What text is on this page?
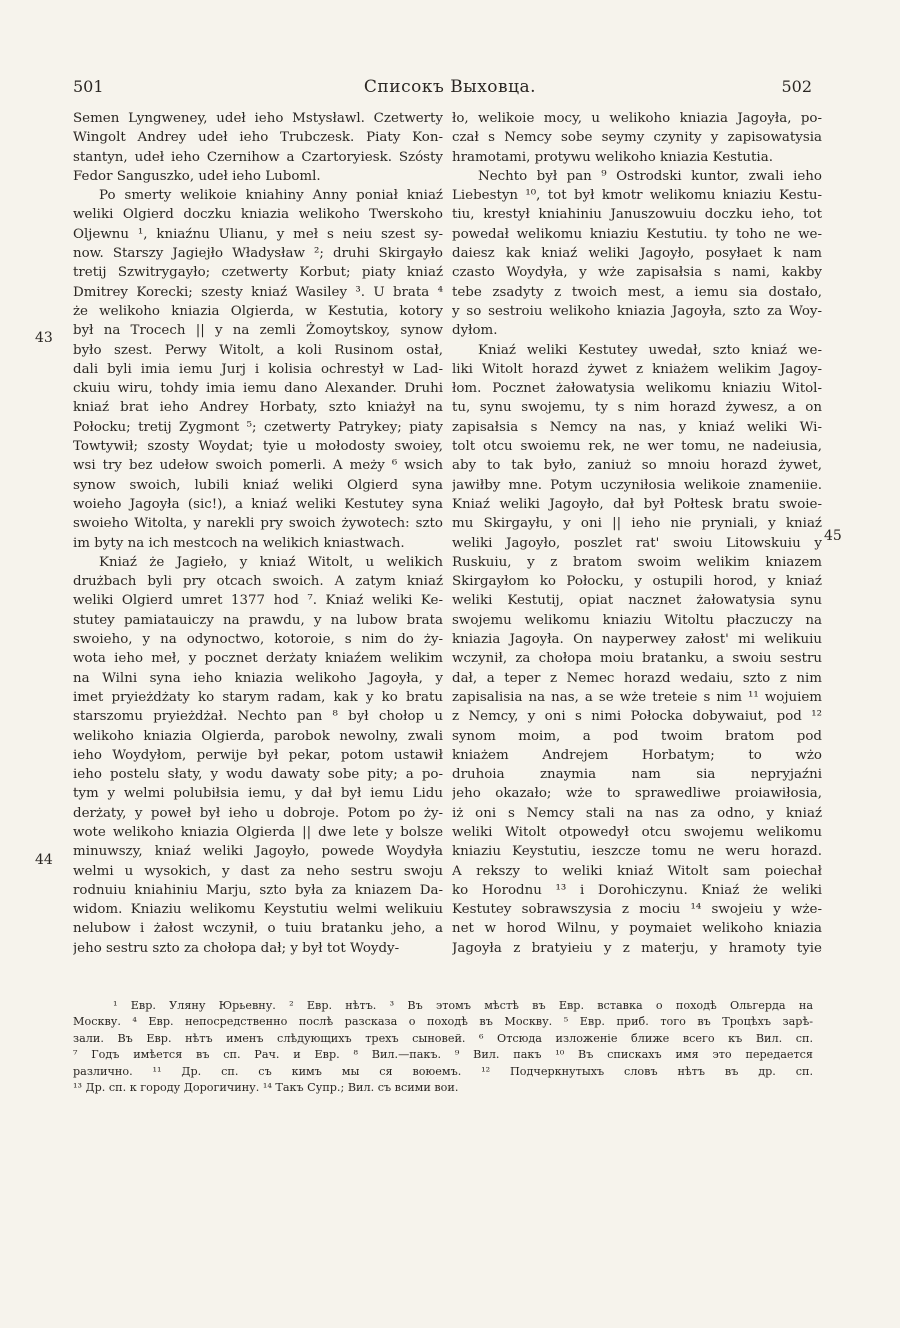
501	Списокъ Выховца.	502
43
44
45
Semen Lyngweney, udeł ieho Mstysławl. Czetwerty
Wingolt Andrey udeł ieho Trubczesk. Piaty Kon-
stantyn, udeł ieho Czernihow a Czartoryiesk. Szósty
Fedor Sanguszko, udeł ieho Luboml.
Po smerty welikoie kniahiny Anny poniał kniaź
weliki Olgierd doczku kniazia welikoho Twerskoho
Oljewnu ¹, kniaźnu Ulianu, y meł s neiu szest sy-
now. Starszy Jagiejło Władysław ²; druhi Skirgayło
tretij Szwitrygayło; czetwerty Korbut; piaty kniaź
Dmitrey Korecki; szesty kniaź Wasiley ³. U brata ⁴
że welikoho kniazia Olgierda, w Kestutia, kotory
był na Trocech || y na zemli Żomoytskoy, synow
było szest. Perwy Witolt, a koli Rusinom ostał,
dali byli imia iemu Jurj i kolisia ochrestył w Lad-
ckuiu wiru, tohdy imia iemu dano Alexander. Druhi
kniaź brat ieho Andrey Horbaty, szto kniażył na
Połocku; tretij Zygmont ⁵; czetwerty Patrykey; piaty
Towtywił; szosty Woydat; tyie u mołodosty swoiey,
wsi try bez udełow swoich pomerli. A meży ⁶ wsich
synow swoich, lubili kniaź weliki Olgierd syna
woieho Jagoyła (sic!), a kniaź weliki Kestutey syna
swoieho Witolta, y narekli pry swoich żywotech: szto
im byty na ich mestcoch na welikich kniastwach.
Kniaź że Jagieło, y kniaź Witolt, u welikich
drużbach byli pry otcach swoich. A zatym kniaź
weliki Olgierd umret 1377 hod ⁷. Kniaź weliki Ke-
stutey pamiatauiczy na prawdu, y na lubow brata
swoieho, y na odynoctwo, kotoroie, s nim do ży-
wota ieho meł, y pocznet derżaty kniaźem welikim
na Wilni syna ieho kniazia welikoho Jagoyła, y
imet pryieżdżaty ko starym radam, kak y ko bratu
starszomu pryieżdżał. Nechto pan ⁸ był chołop u
welikoho kniazia Olgierda, parobok newolny, zwali
ieho Woydyłom, perwije był pekar, potom ustawił
ieho postelu słaty, y wodu dawaty sobe pity; a po-
tym y welmi polubiłsia iemu, y dał był iemu Lidu
derżaty, y poweł był ieho u dobroje. Potom po ży-
wote welikoho kniazia Olgierda || dwe lete y bolsze
minuwszy, kniaź weliki Jagoyło, powede Woydyła
welmi u wysokich, y dast za neho sestru swoju
rodnuiu kniahiniu Marju, szto była za kniazem Da-
widom. Kniaziu welikomu Keystutiu welmi welikuiu
nelubow i żałost wczynił, o tuiu bratanku jeho, a
jeho sestru szto za chołopa dał; y był tot Woydy-
ło, welikoie mocy, u welikoho kniazia Jagoyła, po-
czał s Nemcy sobe seymy czynity y zapisowatysia
hramotami, protywu welikoho kniazia Kestutia.
Nechto był pan ⁹ Ostrodski kuntor, zwali ieho
Liebestyn ¹⁰, tot był kmotr welikomu kniaziu Kestu-
tiu, krestył kniahiniu Januszowuiu doczku ieho, tot
powedał welikomu kniaziu Kestutiu. ty toho ne we-
daiesz kak kniaź weliki Jagoyło, posyłaet k nam
czasto Woydyła, y wże zapisałsia s nami, kakby
tebe zsadyty z twoich mest, a iemu sia dostało,
y so sestroiu welikoho kniazia Jagoyła, szto za Woy-
dyłom.
Kniaź weliki Kestutey uwedał, szto kniaź we-
liki Witolt horazd żywet z kniażem welikim Jagoy-
łom. Pocznet żałowatysia welikomu kniaziu Witol-
tu, synu swojemu, ty s nim horazd żywesz, a on
zapisałsia s Nemcy na nas, y kniaź weliki Wi-
tolt otcu swoiemu rek, ne wer tomu, ne nadeiusia,
aby to tak było, zaniuż so mnoiu horazd żywet,
jawiłby mne. Potym uczyniłosia welikoie znameniie.
Kniaź weliki Jagoyło, dał był Połtesk bratu swoie-
mu Skirgayłu, y oni || ieho nie pryniali, y kniaź
weliki Jagoyło, poszlet rat' swoiu Litowskuiu y
Ruskuiu, y z bratom swoim welikim kniazem
Skirgayłom ko Połocku, y ostupili horod, y kniaź
weliki Kestutij, opiat nacznet żałowatysia synu
swojemu welikomu kniaziu Witoltu płaczuczy na
kniazia Jagoyła. On nayperwey załost' mi welikuiu
wczynił, za chołopa moiu bratanku, a swoiu sestru
dał, a teper z Nemec horazd wedaiu, szto z nim
zapisalisia na nas, a se wże treteie s nim ¹¹ wojuiem
z Nemcy, y oni s nimi Połocka dobywaiut, pod ¹²
synom moim, a pod twoim bratom pod
kniażem Andrejem Horbatym; to wżo
druhoia znaymia nam sia nepryjaźni
jeho okazało; wże to sprawedliwe proiawiłosia,
iż oni s Nemcy stali na nas za odno, y kniaź
weliki Witolt otpowedył otcu swojemu welikomu
kniaziu Keystutiu, ieszcze tomu ne weru horazd.
A rekszy to weliki kniaź Witolt sam poiechał
ko Horodnu ¹³ i Dorohiczynu. Kniaź że weliki
Kestutey sobrawszysia z mociu ¹⁴ swojeiu y wże-
net w horod Wilnu, y poymaiet welikoho kniazia
Jagoyła z bratyieiu y z materju, y hramoty tyie
¹ Евр. Уляну Юрьевну. ² Евр. нѣтъ. ³ Въ этомъ мѣстѣ въ Евр. вставка о походѣ Ольгерда на
Москву. ⁴ Евр. непосредственно послѣ разсказа о походѣ въ Москву. ⁵ Евр. приб. того въ Троцѣхъ зарѣ-
зали. Въ Евр. нѣтъ именъ слѣдующихъ трехъ сыновей. ⁶ Отсюда изложеніе ближе всего къ Вил. сп.
⁷ Годъ имѣется въ сп. Рач. и Евр. ⁸ Вил.—пакъ. ⁹ Вил. пакъ ¹⁰ Въ спискахъ имя это передается
различно. ¹¹ Др. сп. съ кимъ мы ся воюемъ. ¹² Подчеркнутыхъ словъ нѣтъ въ др. сп.
¹³ Др. сп. к городу Дорогичину. ¹⁴ Такъ Супр.; Вил. съ всими вои.
